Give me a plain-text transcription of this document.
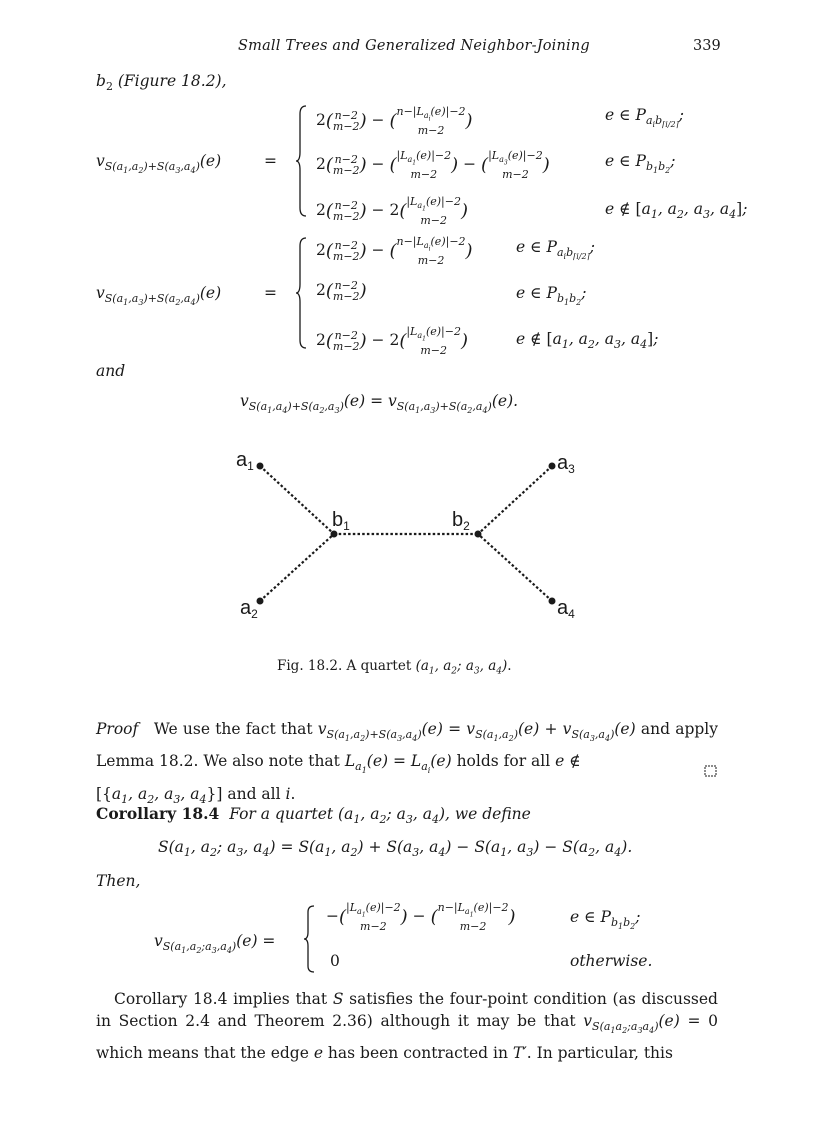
Small Trees and Generalized Neighbor-Joining	339
$b_2$ (Figure 18.2),
$v_{S(a_1,a_2)+S(a_3,a_4)}(e)$	=
2( n−2
m−2 ) − ( $n-|L_{a_i}(e)|-2$
m−2 )	e ∈ $P_{a_ib_{⌈i/2⌉}}$;
2( n−2
m−2 ) − ( $|L_{a_1}(e)|-2$
m−2 ) − ( $|L_{a_3}(e)|-2$
m−2 )	e ∈ $P_{b_1b_2}$;
2( n−2
m−2 ) − 2( $|L_{a_1}(e)|-2$
m−2 )	e ∉ [$a_1$, $a_2$, $a_3$, $a_4$];
$v_{S(a_1,a_3)+S(a_2,a_4)}(e)$	=
2( n−2
m−2 ) − ( $n-|L_{a_i}(e)|-2$
m−2 )	e ∈ $P_{a_ib_{⌈i/2⌉}}$;
2( n−2
m−2 )	e ∈ $P_{b_1b_2}$;
2( n−2
m−2 ) − 2( $|L_{a_1}(e)|-2$
m−2 )	e ∉ [$a_1$, $a_2$, $a_3$, $a_4$];
and
$v_{S(a_1,a_4)+S(a_2,a_3)}(e) = v_{S(a_1,a_3)+S(a_2,a_4)}(e)$.
$a_1$
$a_2$
$a_3$
$a_4$
$b_1$	$b_2$
Fig. 18.2. A quartet ($a_1$, $a_2$; $a_3$, $a_4$).
Proof We use the fact that $v_{S(a_1,a_2)+S(a_3,a_4)}(e) = v_{S(a_1,a_2)}(e) + v_{S(a_3,a_4)}(e)$ and apply Lemma 18.2. We also note that $L_{a_1}(e) = L_{a_i}(e)$ holds for all e ∉
[{$a_1$, $a_2$, $a_3$, $a_4$}] and all i.
Corollary 18.4 For a quartet ($a_1$, $a_2$; $a_3$, $a_4$), we define
$S(a_1$, $a_2$; $a_3$, $a_4) = S(a_1$, $a_2) + S(a_3$, $a_4) - S(a_1$, $a_3) - S(a_2$, $a_4$).
Then,
$v_{S(a_1,a_2;a_3,a_4)}(e)$ =
−( $|L_{a_1}(e)|-2$
m−2 ) − ( $n-|L_{a_1}(e)|-2$
m−2 )	e ∈ $P_{b_1b_2}$;
0	otherwise.
Corollary 18.4 implies that S satisfies the four-point condition (as discussed in Section 2.4 and Theorem 2.36) although it may be that $v_{S(a_1a_2;a_3a_4)}(e) = 0$ which means that the edge e has been contracted in T′. In particular, this
